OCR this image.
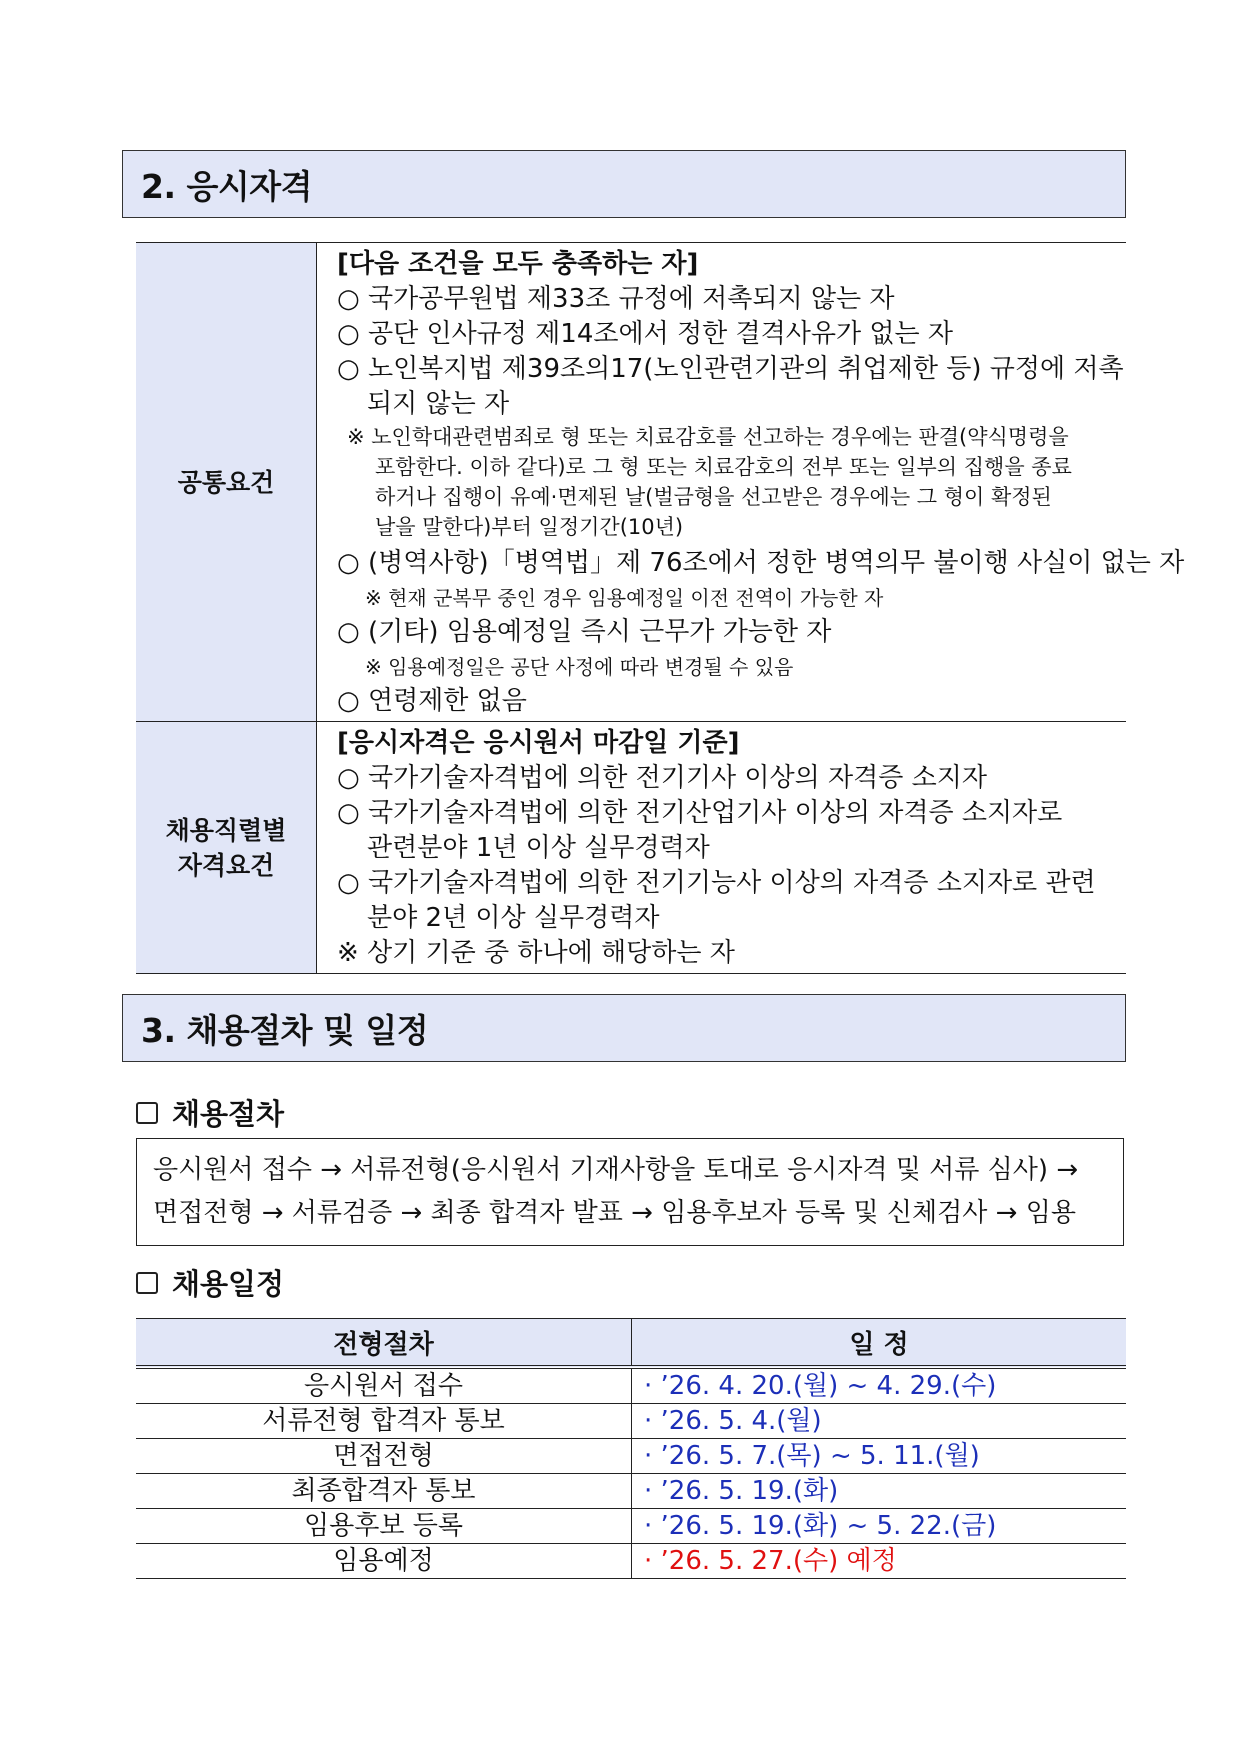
2. 응시자격
공통요건
[다음 조건을 모두 충족하는 자]
○ 국가공무원법 제33조 규정에 저촉되지 않는 자
○ 공단 인사규정 제14조에서 정한 결격사유가 없는 자
○ 노인복지법 제39조의17(노인관련기관의 취업제한 등) 규정에 저촉
되지 않는 자
※ 노인학대관련범죄로 형 또는 치료감호를 선고하는 경우에는 판결(약식명령을
포함한다. 이하 같다)로 그 형 또는 치료감호의 전부 또는 일부의 집행을 종료
하거나 집행이 유예·면제된 날(벌금형을 선고받은 경우에는 그 형이 확정된
날을 말한다)부터 일정기간(10년)
○ (병역사항)「병역법」제 76조에서 정한 병역의무 불이행 사실이 없는 자
※ 현재 군복무 중인 경우 임용예정일 이전 전역이 가능한 자
○ (기타) 임용예정일 즉시 근무가 가능한 자
※ 임용예정일은 공단 사정에 따라 변경될 수 있음
○ 연령제한 없음
채용직렬별
자격요건
[응시자격은 응시원서 마감일 기준]
○ 국가기술자격법에 의한 전기기사 이상의 자격증 소지자
○ 국가기술자격법에 의한 전기산업기사 이상의 자격증 소지자로
관련분야 1년 이상 실무경력자
○ 국가기술자격법에 의한 전기기능사 이상의 자격증 소지자로 관련
분야 2년 이상 실무경력자
※ 상기 기준 중 하나에 해당하는 자
3. 채용절차 및 일정
채용절차
응시원서 접수 → 서류전형(응시원서 기재사항을 토대로 응시자격 및 서류 심사) →
면접전형 → 서류검증 → 최종 합격자 발표 → 임용후보자 등록 및 신체검사 → 임용
채용일정
전형절차	일 정
응시원서 접수	· ’26. 4. 20.(월) ~ 4. 29.(수)
서류전형 합격자 통보	· ’26. 5. 4.(월)
면접전형	· ’26. 5. 7.(목) ~ 5. 11.(월)
최종합격자 통보	· ’26. 5. 19.(화)
임용후보 등록	· ’26. 5. 19.(화) ~ 5. 22.(금)
임용예정	· ’26. 5. 27.(수) 예정
